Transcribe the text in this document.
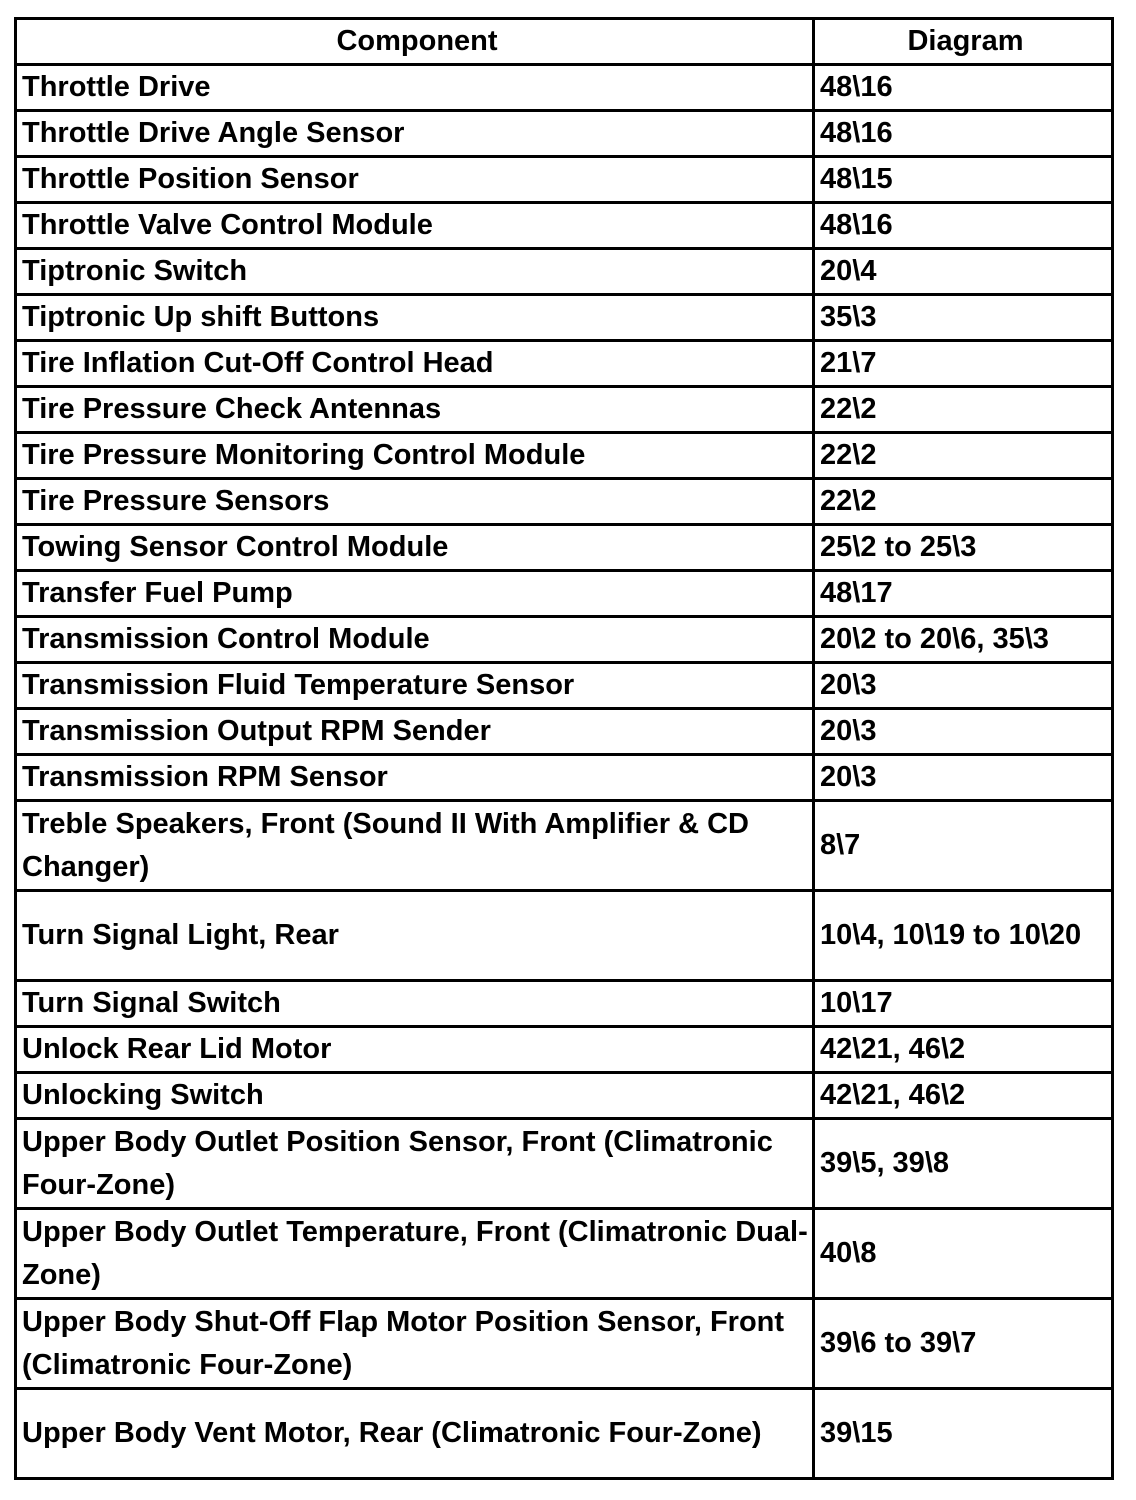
Component	Diagram
Throttle Drive	48\16
Throttle Drive Angle Sensor	48\16
Throttle Position Sensor	48\15
Throttle Valve Control Module	48\16
Tiptronic Switch	20\4
Tiptronic Up shift Buttons	35\3
Tire Inflation Cut-Off Control Head	21\7
Tire Pressure Check Antennas	22\2
Tire Pressure Monitoring Control Module	22\2
Tire Pressure Sensors	22\2
Towing Sensor Control Module	25\2 to 25\3
Transfer Fuel Pump	48\17
Transmission Control Module	20\2 to 20\6, 35\3
Transmission Fluid Temperature Sensor	20\3
Transmission Output RPM Sender	20\3
Transmission RPM Sensor	20\3
Treble Speakers, Front (Sound II With Amplifier & CD Changer)	8\7
Turn Signal Light, Rear	10\4, 10\19 to 10\20
Turn Signal Switch	10\17
Unlock Rear Lid Motor	42\21, 46\2
Unlocking Switch	42\21, 46\2
Upper Body Outlet Position Sensor, Front (Climatronic Four-Zone)	39\5, 39\8
Upper Body Outlet Temperature, Front (Climatronic Dual-Zone)	40\8
Upper Body Shut-Off Flap Motor Position Sensor, Front (Climatronic Four-Zone)	39\6 to 39\7
Upper Body Vent Motor, Rear (Climatronic Four-Zone)	39\15
